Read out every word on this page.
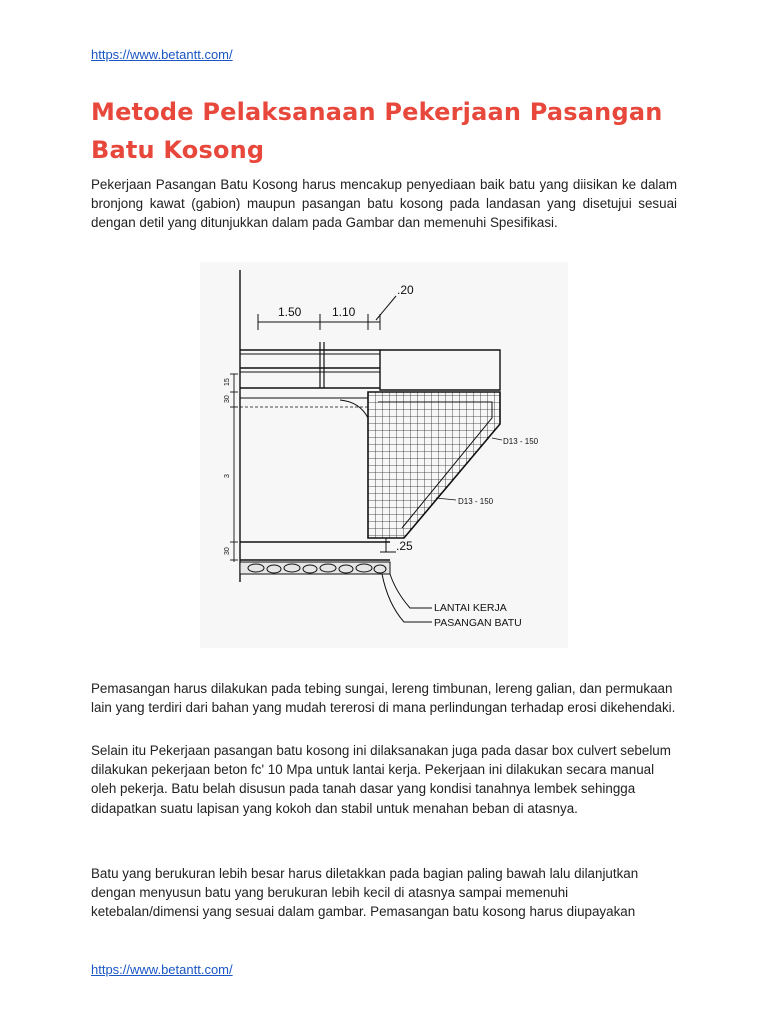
https://www.betantt.com/
Metode Pelaksanaan Pekerjaan Pasangan Batu Kosong

Pekerjaan Pasangan Batu Kosong harus mencakup penyediaan baik batu yang diisikan ke dalam bronjong kawat (gabion) maupun pasangan batu kosong pada landasan yang disetujui sesuai dengan detil yang ditunjukkan dalam pada Gambar dan memenuhi Spesifikasi.

1.50	1.10
.20
15
30
3
30	.25
D13 - 150
D13 - 150
LANTAI KERJA
PASANGAN BATU

Pemasangan harus dilakukan pada tebing sungai, lereng timbunan, lereng galian, dan permukaan lain yang terdiri dari bahan yang mudah tererosi di mana perlindungan terhadap erosi dikehendaki.

Selain itu Pekerjaan pasangan batu kosong ini dilaksanakan juga pada dasar box culvert sebelum dilakukan pekerjaan beton fc' 10 Mpa untuk lantai kerja. Pekerjaan ini dilakukan secara manual oleh pekerja. Batu belah disusun pada tanah dasar yang kondisi tanahnya lembek sehingga didapatkan suatu lapisan yang kokoh dan stabil untuk menahan beban di atasnya.

Batu yang berukuran lebih besar harus diletakkan pada bagian paling bawah lalu dilanjutkan dengan menyusun batu yang berukuran lebih kecil di atasnya sampai memenuhi ketebalan/dimensi yang sesuai dalam gambar. Pemasangan batu kosong harus diupayakan

https://www.betantt.com/
